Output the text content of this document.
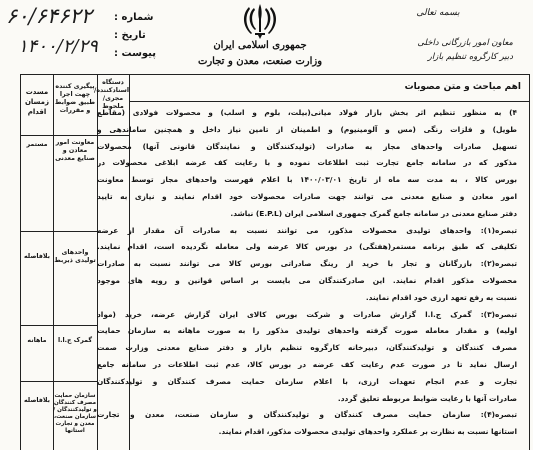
۶۰/۶۴۶۲۲
۱۴۰۰/۲/۲۹
شماره :
تاریخ :
پیوست :
جمهوری اسلامی ایران
وزارت صنعت، معدن و تجارت
بسمه تعالی
معاون امور بازرگانی داخلی
دبیر کارگروه تنظیم بازار
دستگاه اسنادکننده/ مجری/ ملحوظ
پیگیری کننده چهت اجرا طبیق ضوابط و مقررات
مسدت زمسان اقدام
اهم مباحث و متن مصوبات
معاونت امور معادن و صنایع معدنی
مستمر
واحدهای تولیدی ذیربط
بلافاصله
گمرک ج.ا.ا
ماهانه
سازمان حمایت مصرف کنندگان و تولیدکنندگان / سازمان صنعت، معدن و تجارت استانها
بلافاصله
۴) به منظور تنظیم اثر بخش بازار فولاد میانی(بیلت، بلوم و اسلب) و محصولات فولادی (مقاطع
طویل) و فلزات رنگی (مس و آلومینیوم) و اطمینان از تامین نیاز داخل و همچنین ساماندهی و
تسهیل صادرات واحدهای مجاز به صادرات (تولیدکنندگان و نمایندگان قانونی آنها) محصولات
مذکور که در سامانه جامع تجارت ثبت اطلاعات نموده و با رعایت کف عرضه ابلاغی محصولات در
بورس کالا ، به مدت سه ماه از تاریخ ۱۴۰۰/۰۳/۰۱ با اعلام فهرست واحدهای مجاز توسط معاونت
امور معادن و صنایع معدنی می توانند جهت صادرات محصولات خود اقدام نمایند و نیازی به تایید
دفتر صنایع معدنی در سامانه جامع گمرک جمهوری اسلامی ایران (E.P.L) نباشد.
تبصره(۱): واحدهای تولیدی محصولات مذکور، می توانند نسبت به صادرات آن مقدار از عرضه
تکلیفی که طبق برنامه مستمر(هفتگی) در بورس کالا عرضه ولی معامله نگردیده است، اقدام نمایند.
تبصره(۲): بازرگانان و تجار با خرید از رینگ صادراتی بورس کالا می توانند نسبت به صادرات
محصولات مذکور اقدام نمایند. این صادرکنندگان می بایست بر اساس قوانین و رویه های موجود
نسبت به رفع تعهد ارزی خود اقدام نمایند.
تبصره(۳): گمرک ج.ا.ا گزارش صادرات و شرکت بورس کالای ایران گزارش عرضه، خرید (مواد
اولیه) و مقدار معامله صورت گرفته واحدهای تولیدی مذکور را به صورت ماهانه به سازمان حمایت
مصرف کنندگان و تولیدکنندگان، دبیرخانه کارگروه تنظیم بازار و دفتر صنایع معدنی وزارت صمت
ارسال نماید تا در صورت عدم رعایت کف عرضه در بورس کالا، عدم ثبت اطلاعات در سامانه جامع
تجارت و عدم انجام تعهدات ارزی، با اعلام سازمان حمایت مصرف کنندگان و تولیدکنندگان
صادرات آنها با رعایت ضوابط مربوطه تعلیق گردد.
تبصره(۴): سازمان حمایت مصرف کنندگان و تولیدکنندگان و سازمان صنعت، معدن و تجارت
استانها نسبت به نظارت بر عملکرد واحدهای تولیدی محصولات مذکور، اقدام نمایند.
